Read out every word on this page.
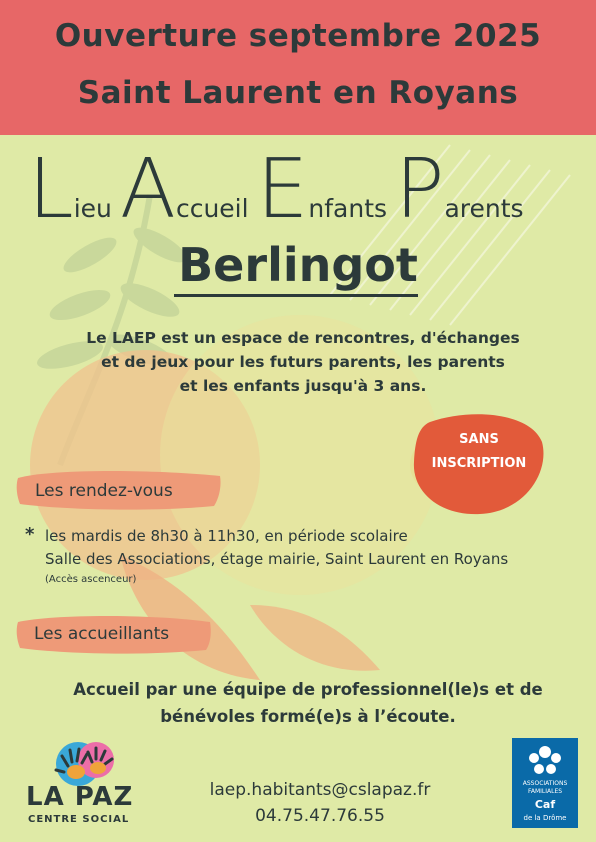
Ouverture septembre 2025
Saint Laurent en Royans
LieuAccueilEnfantsParents
Berlingot
Le LAEP est un espace de rencontres, d'échanges
et de jeux pour les futurs parents, les parents
et les enfants jusqu'à 3 ans.
SANS
INSCRIPTION
Les rendez-vous
* les mardis de 8h30 à 11h30, en période scolaire
Salle des Associations, étage mairie, Saint Laurent en Royans
(Accès ascenceur)
Les accueillants
Accueil par une équipe de professionnel(le)s et de
bénévoles formé(e)s à l’écoute.
laep.habitants@cslapaz.fr
04.75.47.76.55
LA PAZ
CENTRE SOCIAL
ASSOCIATIONS FAMILIALES
Caf
de la Drôme
